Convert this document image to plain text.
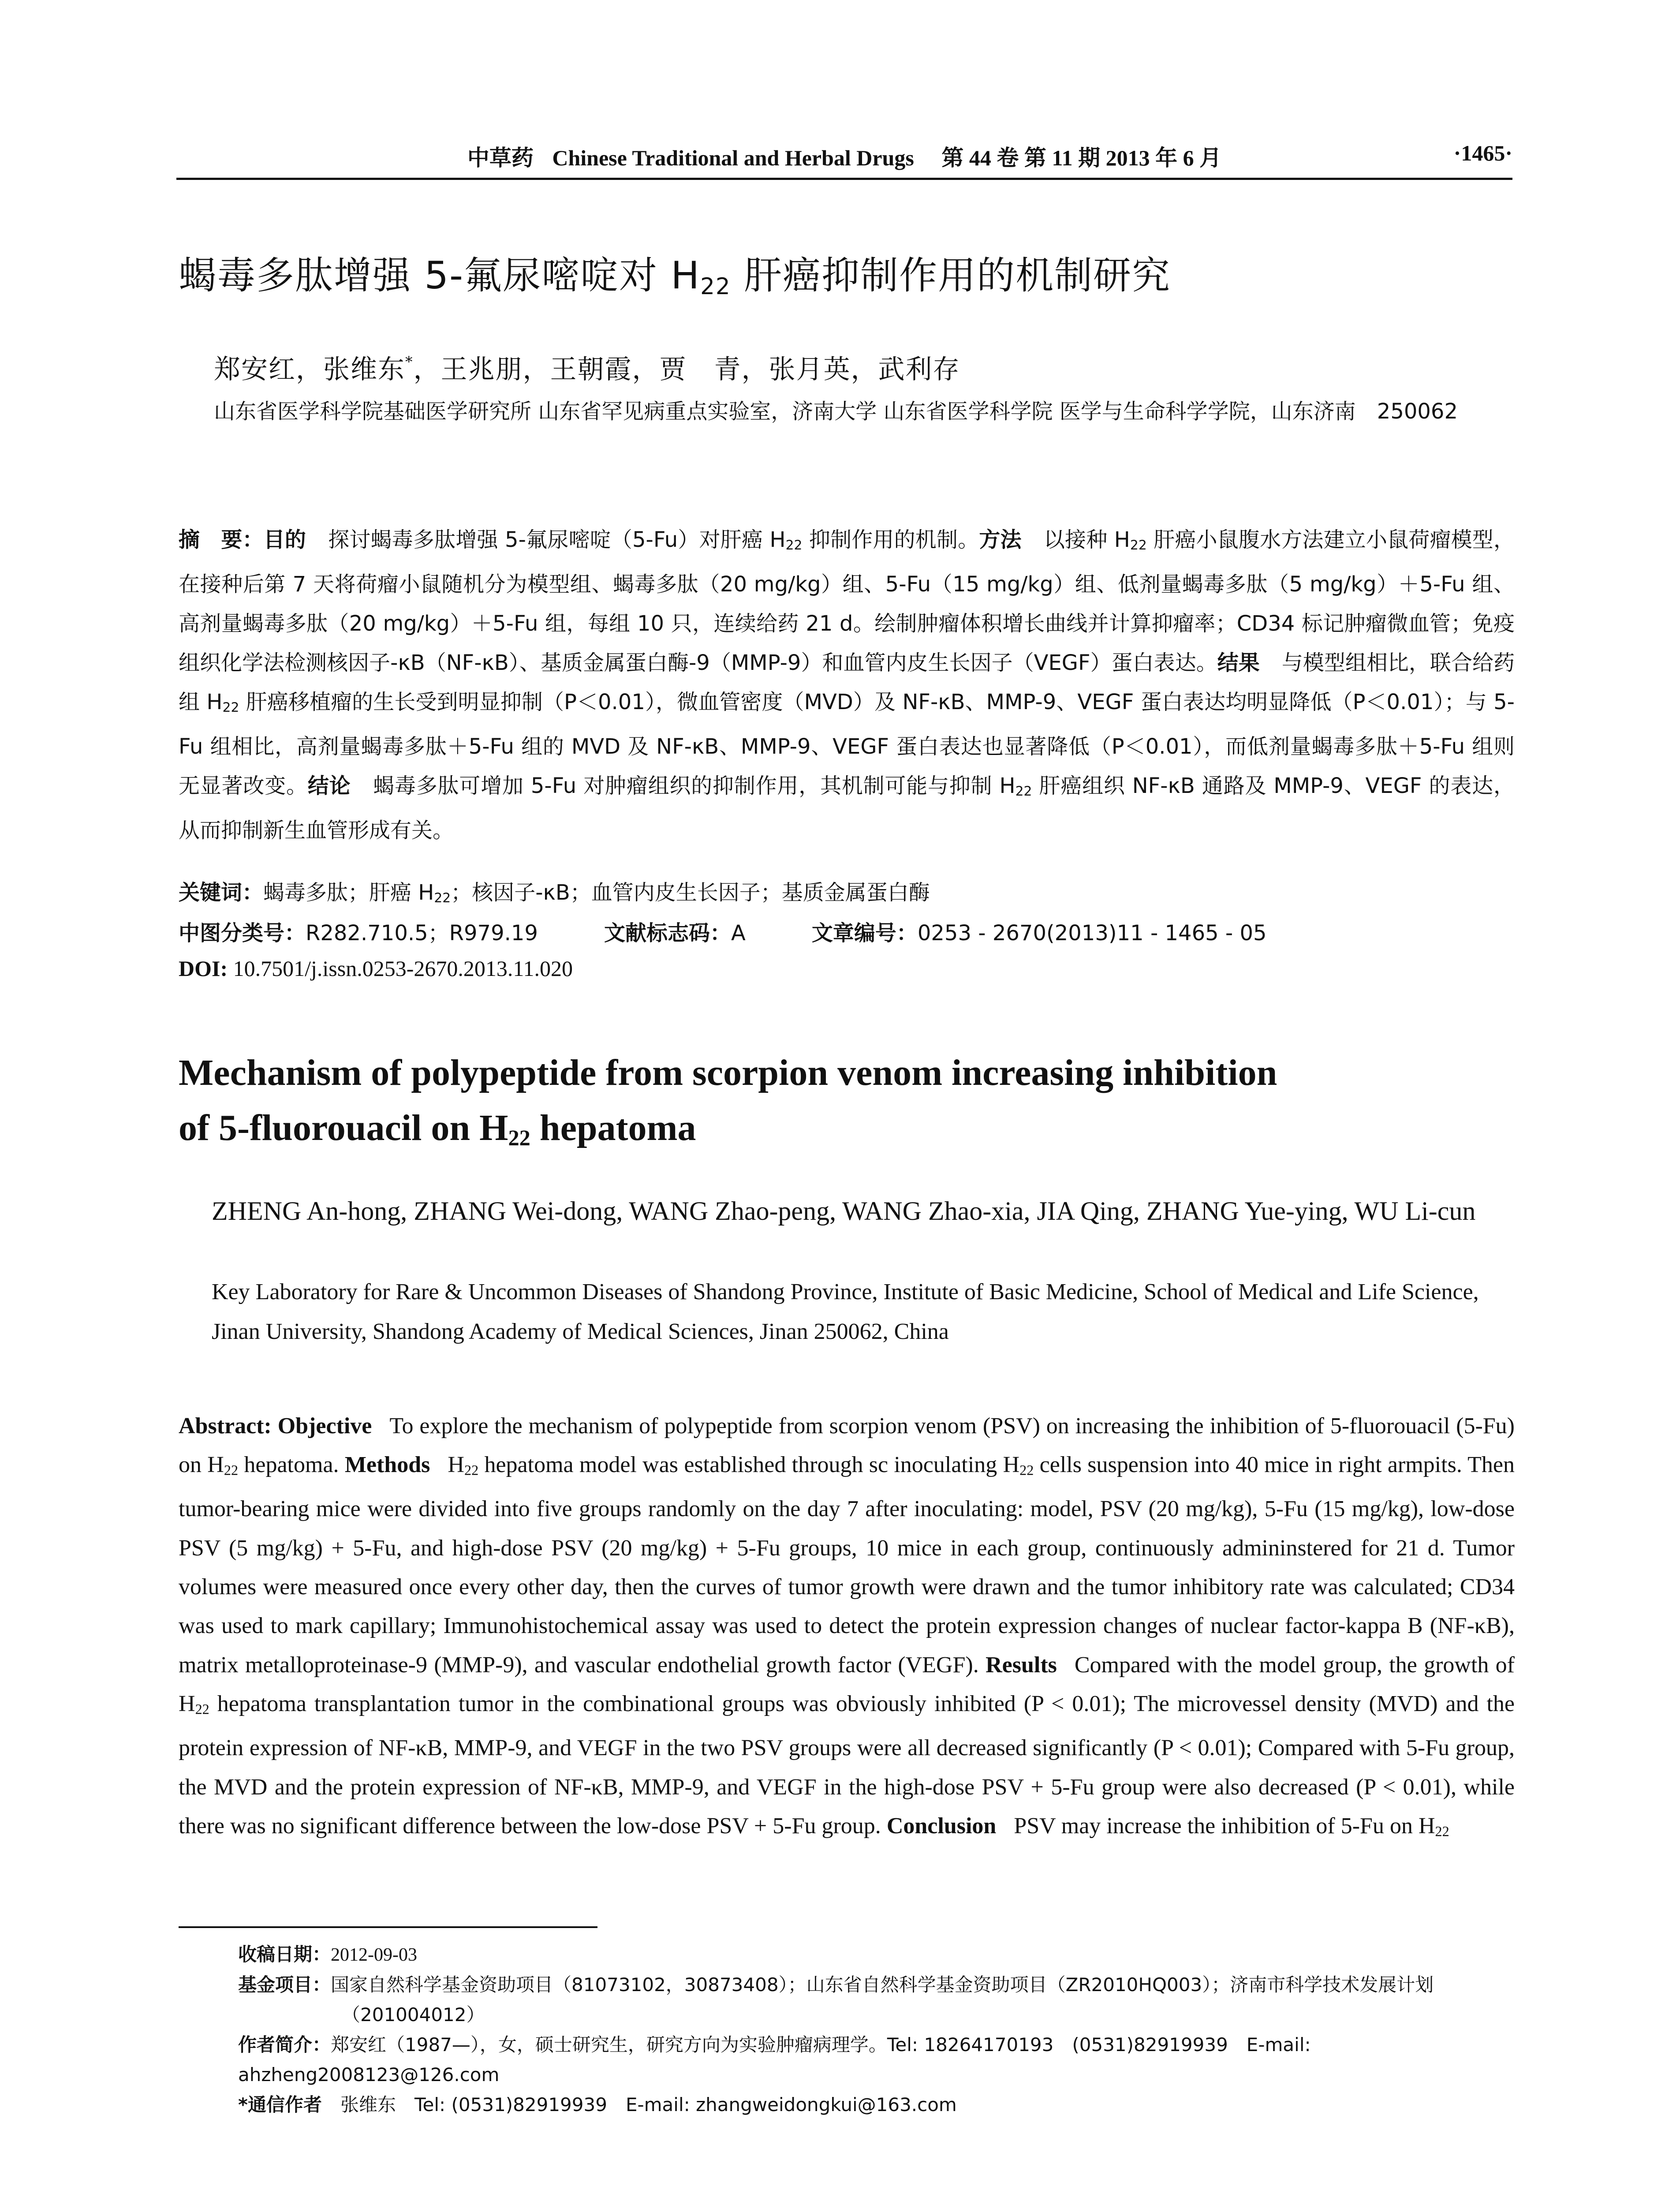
中草药 Chinese Traditional and Herbal Drugs 第 44 卷 第 11 期 2013 年 6 月	·1465·
蝎毒多肽增强 5-氟尿嘧啶对 $H_{22}$ 肝癌抑制作用的机制研究
郑安红，张维东*，王兆朋，王朝霞，贾　青，张月英，武利存
山东省医学科学院基础医学研究所 山东省罕见病重点实验室，济南大学 山东省医学科学院 医学与生命科学学院，山东济南　250062
摘　要：目的 探讨蝎毒多肽增强 5-氟尿嘧啶（5-Fu）对肝癌 $H_{22}$ 抑制作用的机制。方法 以接种 $H_{22}$ 肝癌小鼠腹水方法建立小鼠荷瘤模型，在接种后第 7 天将荷瘤小鼠随机分为模型组、蝎毒多肽（20 mg/kg）组、5-Fu（15 mg/kg）组、低剂量蝎毒多肽（5 mg/kg）＋5-Fu 组、高剂量蝎毒多肽（20 mg/kg）＋5-Fu 组，每组 10 只，连续给药 21 d。绘制肿瘤体积增长曲线并计算抑瘤率；CD34 标记肿瘤微血管；免疫组织化学法检测核因子-κB（NF-κB）、基质金属蛋白酶-9（MMP-9）和血管内皮生长因子（VEGF）蛋白表达。结果 与模型组相比，联合给药组 $H_{22}$ 肝癌移植瘤的生长受到明显抑制（P＜0.01），微血管密度（MVD）及 NF-κB、MMP-9、VEGF 蛋白表达均明显降低（P＜0.01）；与 5-Fu 组相比，高剂量蝎毒多肽＋5-Fu 组的 MVD 及 NF-κB、MMP-9、VEGF 蛋白表达也显著降低（P＜0.01），而低剂量蝎毒多肽＋5-Fu 组则无显著改变。结论 蝎毒多肽可增加 5-Fu 对肿瘤组织的抑制作用，其机制可能与抑制 $H_{22}$ 肝癌组织 NF-κB 通路及 MMP-9、VEGF 的表达，从而抑制新生血管形成有关。
关键词：蝎毒多肽；肝癌 $H_{22}$；核因子-κB；血管内皮生长因子；基质金属蛋白酶
中图分类号：R282.710.5；R979.19	文献标志码：A	文章编号：0253 - 2670(2013)11 - 1465 - 05
DOI: 10.7501/j.issn.0253-2670.2013.11.020
Mechanism of polypeptide from scorpion venom increasing inhibition
of 5-fluorouacil on $H_{22}$ hepatoma
ZHENG An-hong, ZHANG Wei-dong, WANG Zhao-peng, WANG Zhao-xia, JIA Qing, ZHANG Yue-ying, WU Li-cun
Key Laboratory for Rare & Uncommon Diseases of Shandong Province, Institute of Basic Medicine, School of Medical and Life Science, Jinan University, Shandong Academy of Medical Sciences, Jinan 250062, China
Abstract: Objective To explore the mechanism of polypeptide from scorpion venom (PSV) on increasing the inhibition of 5-fluorouacil (5-Fu) on $H_{22}$ hepatoma. Methods $H_{22}$ hepatoma model was established through sc inoculating $H_{22}$ cells suspension into 40 mice in right armpits. Then tumor-bearing mice were divided into five groups randomly on the day 7 after inoculating: model, PSV (20 mg/kg), 5-Fu (15 mg/kg), low-dose PSV (5 mg/kg) + 5-Fu, and high-dose PSV (20 mg/kg) + 5-Fu groups, 10 mice in each group, continuously admininstered for 21 d. Tumor volumes were measured once every other day, then the curves of tumor growth were drawn and the tumor inhibitory rate was calculated; CD34 was used to mark capillary; Immunohistochemical assay was used to detect the protein expression changes of nuclear factor-kappa B (NF-κB), matrix metalloproteinase-9 (MMP-9), and vascular endothelial growth factor (VEGF). Results Compared with the model group, the growth of $H_{22}$ hepatoma transplantation tumor in the combinational groups was obviously inhibited (P < 0.01); The microvessel density (MVD) and the protein expression of NF-κB, MMP-9, and VEGF in the two PSV groups were all decreased significantly (P < 0.01); Compared with 5-Fu group, the MVD and the protein expression of NF-κB, MMP-9, and VEGF in the high-dose PSV + 5-Fu group were also decreased (P < 0.01), while there was no significant difference between the low-dose PSV + 5-Fu group. Conclusion PSV may increase the inhibition of 5-Fu on $H_{22}$

收稿日期：2012-09-03

基金项目：国家自然科学基金资助项目（81073102，30873408）；山东省自然科学基金资助项目（ZR2010HQ003）；济南市科学技术发展计划

（201004012）

作者简介：郑安红（1987—），女，硕士研究生，研究方向为实验肿瘤病理学。Tel: 18264170193　(0531)82919939　E-mail: ahzheng2008123@126.com

*通信作者　 张维东　Tel: (0531)82919939　E-mail: zhangweidongkui@163.com
